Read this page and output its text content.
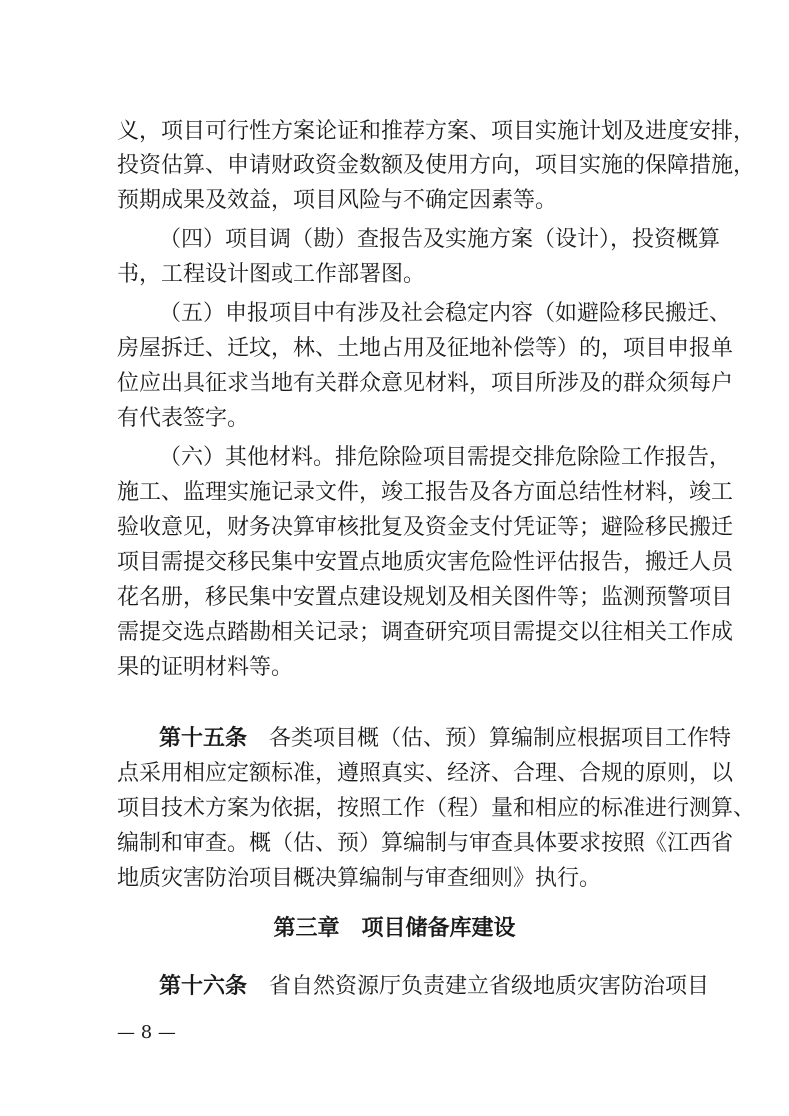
义，项目可行性方案论证和推荐方案、项目实施计划及进度安排，
投资估算、申请财政资金数额及使用方向，项目实施的保障措施，
预期成果及效益，项目风险与不确定因素等。
（四）项目调（勘）查报告及实施方案（设计），投资概算
书，工程设计图或工作部署图。
（五）申报项目中有涉及社会稳定内容（如避险移民搬迁、
房屋拆迁、迁坟，林、土地占用及征地补偿等）的，项目申报单
位应出具征求当地有关群众意见材料，项目所涉及的群众须每户
有代表签字。
（六）其他材料。排危除险项目需提交排危除险工作报告，
施工、监理实施记录文件，竣工报告及各方面总结性材料，竣工
验收意见，财务决算审核批复及资金支付凭证等；避险移民搬迁
项目需提交移民集中安置点地质灾害危险性评估报告，搬迁人员
花名册，移民集中安置点建设规划及相关图件等；监测预警项目
需提交选点踏勘相关记录；调查研究项目需提交以往相关工作成
果的证明材料等。
第十五条　 各类项目概（估、预）算编制应根据项目工作特
— 8 —
点采用相应定额标准，遵照真实、经济、合理、合规的原则，以
项目技术方案为依据，按照工作（程）量和相应的标准进行测算、
编制和审查。概（估、预）算编制与审查具体要求按照《江西省
地质灾害防治项目概决算编制与审查细则》执行。
第三章　项目储备库建设
第十六条　 省自然资源厅负责建立省级地质灾害防治项目
